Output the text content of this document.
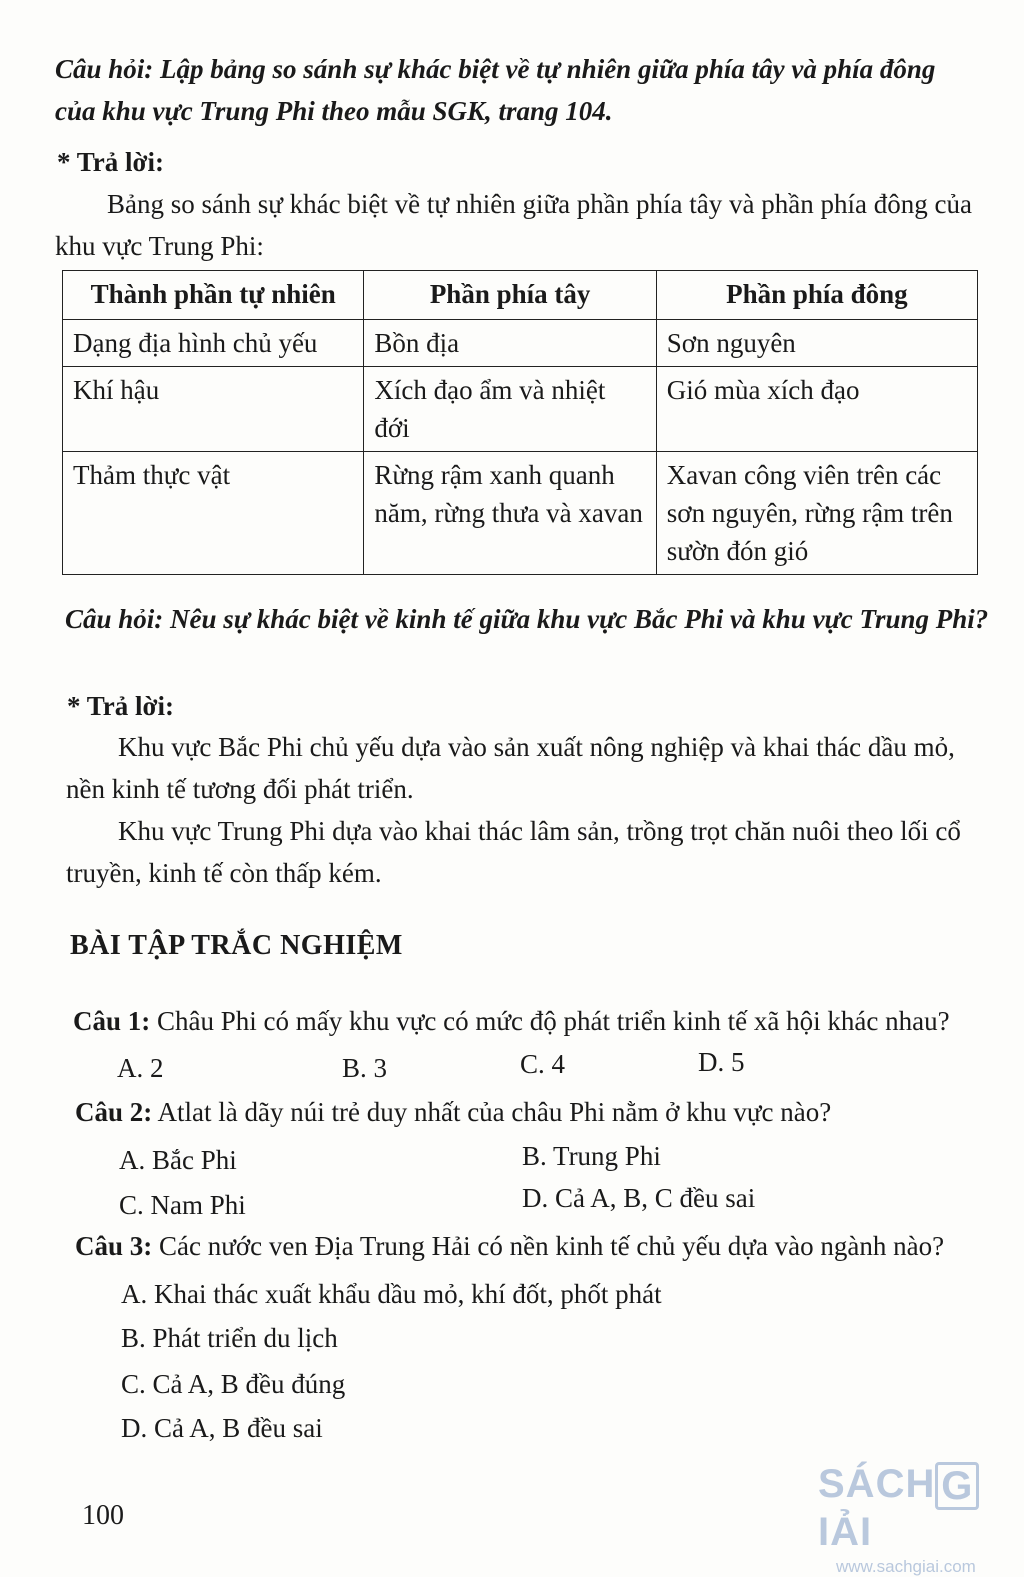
Câu hỏi: Lập bảng so sánh sự khác biệt về tự nhiên giữa phía tây và phía đông của khu vực Trung Phi theo mẫu SGK, trang 104.
* Trả lời:
Bảng so sánh sự khác biệt về tự nhiên giữa phần phía tây và phần phía đông của khu vực Trung Phi:
Thành phần tự nhiên	Phần phía tây	Phần phía đông
Dạng địa hình chủ yếu	Bồn địa	Sơn nguyên
Khí hậu	Xích đạo ẩm và nhiệt đới	Gió mùa xích đạo
Thảm thực vật	Rừng rậm xanh quanh năm, rừng thưa và xavan	Xavan công viên trên các sơn nguyên, rừng rậm trên sườn đón gió
Câu hỏi: Nêu sự khác biệt về kinh tế giữa khu vực Bắc Phi và khu vực Trung Phi?
* Trả lời:
Khu vực Bắc Phi chủ yếu dựa vào sản xuất nông nghiệp và khai thác dầu mỏ, nền kinh tế tương đối phát triển.
Khu vực Trung Phi dựa vào khai thác lâm sản, trồng trọt chăn nuôi theo lối cổ truyền, kinh tế còn thấp kém.
BÀI TẬP TRẮC NGHIỆM
Câu 1: Châu Phi có mấy khu vực có mức độ phát triển kinh tế xã hội khác nhau?
A. 2	B. 3	C. 4	D. 5
Câu 2: Atlat là dãy núi trẻ duy nhất của châu Phi nằm ở khu vực nào?
A. Bắc Phi	B. Trung Phi
C. Nam Phi	D. Cả A, B, C đều sai
Câu 3: Các nước ven Địa Trung Hải có nền kinh tế chủ yếu dựa vào ngành nào?
A. Khai thác xuất khẩu dầu mỏ, khí đốt, phốt phát
B. Phát triển du lịch
C. Cả A, B đều đúng
D. Cả A, B đều sai
100
SÁCH GIẢI
www.sachgiai.com
